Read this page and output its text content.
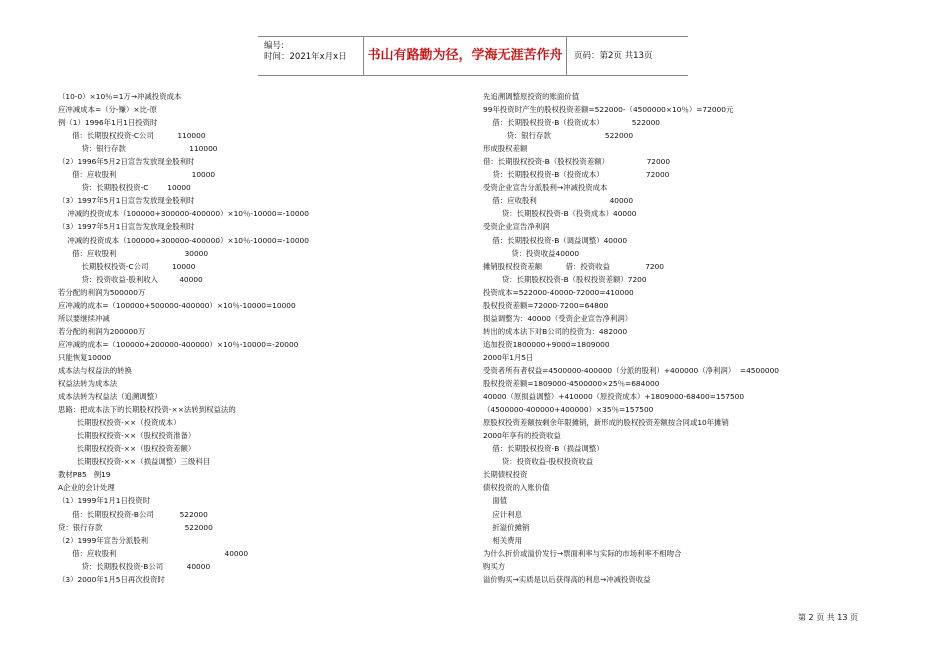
编号:
时间：2021年x月x日	书山有路勤为径，学海无涯苦作舟	页码：第2页 共13页
（10-0）×10％=1万→冲减投资成本
应冲减成本=（分-赚）×比-原
例（1）1996年1月1日投资时
借：长期股权投资-C公司          110000
贷：银行存款                           110000
（2）1996年5月2日宣告发放现金股利时
借：应收股利                                10000
贷：长期股权投资-C        10000
（3）1997年5月1日宣告发放现金股利时
冲减的投资成本（100000+300000-400000）×10％-10000=-10000
（3）1997年5月1日宣告发放现金股利时
冲减的投资成本（100000+300000-400000）×10％-10000=-10000
借：应收股利                             30000
长期股权投资-C公司          10000
贷：投资收益-股利收入         40000
若分配的利润为500000万
应冲减的成本=（100000+500000-400000）×10％-10000=10000
所以要继续冲减
若分配的利润为200000万
应冲减的成本=（100000+200000-400000）×10％-10000=-20000
只能恢复10000
成本法与权益法的转换
权益法转为成本法
成本法转为权益法（追溯调整）
思路：把成本法下的长期股权投资-××法转到权益法的
长期股权投资-××（投资成本）
长期股权投资-××（股权投资准备）
长期股权投资-××（股权投资差额）
长期股权投资-××（损益调整）三级科目
教材P85   例19
A企业的会计处理
（1）1999年1月1日投资时
借：长期股权投资-B公司           522000
贷：银行存款                                   522000
（2）1999年宣告分派股利
借：应收股利                                              40000
贷：长期股权投资-B公司          40000
（3）2000年1月5日再次投资时
先追溯调整原投资的账面价值
99年投资时产生的股权投资差额=522000-（4500000×10％）=72000元
借：长期股权投资-B（投资成本）            522000
贷：银行存款                       522000
形成股权差额
借：长期股权投资-B（股权投资差额）                72000
贷：长期股权投资-B（投资成本）                  72000
受资企业宣告分派股利→冲减投资成本
借：应收股利                               40000
贷：长期股权投资-B（投资成本）40000
受资企业宣告净利润
借：长期股权投资-B（调益调整）40000
贷：投资收益40000
摊销股权投资差额          借：投资收益               7200
贷：长期股权投资-B（股权投资差额）7200
投资成本=522000-40000-72000=410000
股权投资差额=72000-7200=64800
损益调整为：40000（受资企业宣告净利润）
转出的成本法下对B公司的投资为：482000
追加投资1800000+9000=1809000
2000年1月5日
受资者所有者权益=4500000-400000（分派的股利）+400000（净利润）  =4500000
股权投资差额=1809000-4500000×25％=684000
40000（原损益调整）+410000（原投资成本）+1809000-68400=157500
（4500000-400000+400000）×35％=157500
原股权投资差额按剩余年限摊销，新形成的股权投资差额按合同或10年摊销
2000年享有的投资收益
借：长期股权投资-B（损益调整）
贷：投资收益-股权投资收益
长期债权投资
债权投资的入账价值
面值
应计利息
折溢价摊销
相关费用
为什么折价或溢价发行→票面利率与实际的市场利率不相吻合
购买方
溢价购买→实质是以后获得高的利息→冲减投资收益
第 2 页 共 13 页
